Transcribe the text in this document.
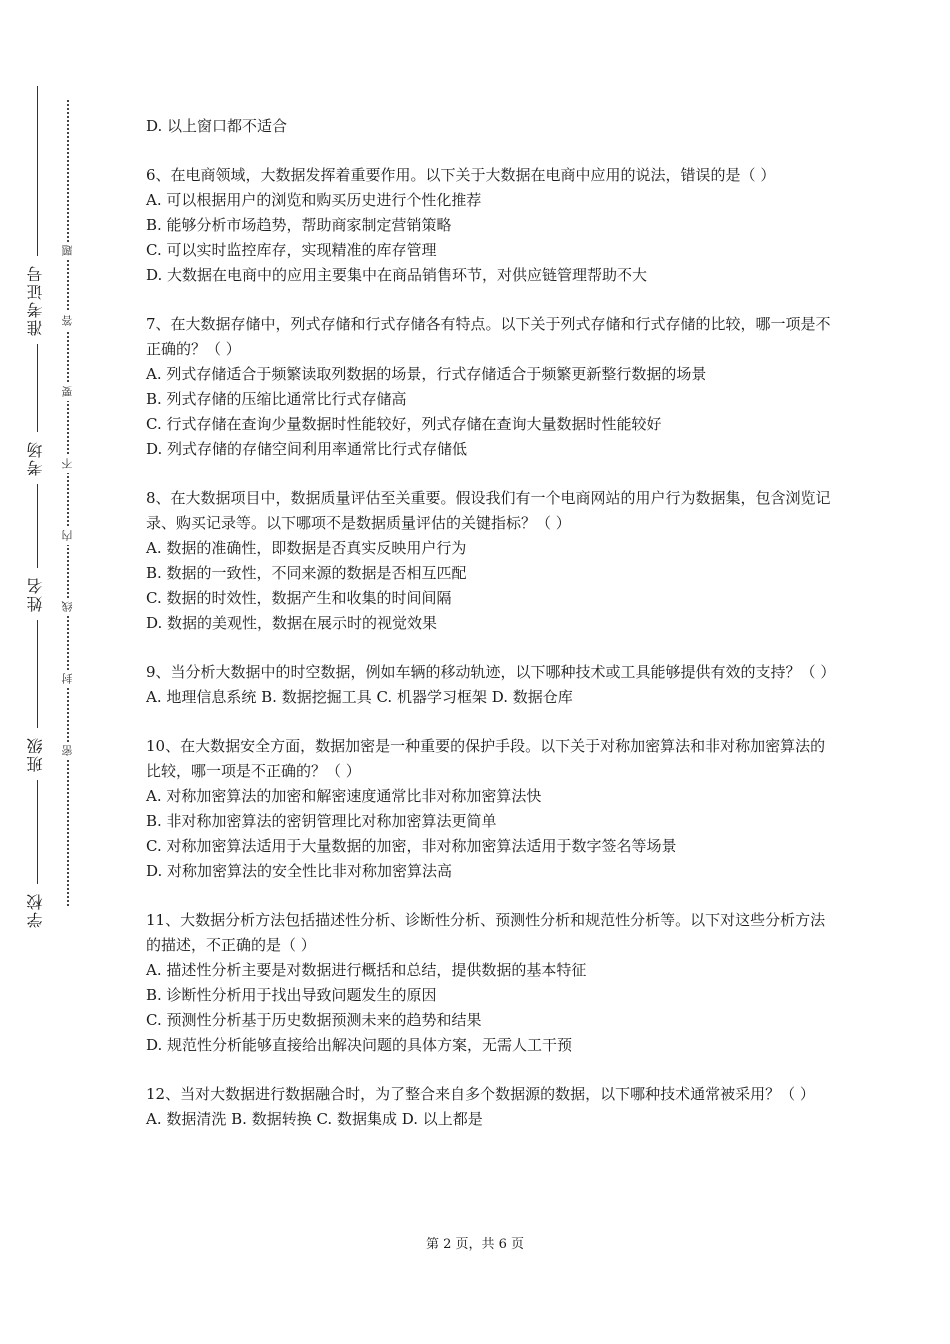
准考证号
考场
姓名
班级
学校
题
答
要
不
内
线
封
密

D. 以上窗口都不适合

6、在电商领域，大数据发挥着重要作用。以下关于大数据在电商中应用的说法，错误的是（ ）

A. 可以根据用户的浏览和购买历史进行个性化推荐

B. 能够分析市场趋势，帮助商家制定营销策略

C. 可以实时监控库存，实现精准的库存管理

D. 大数据在电商中的应用主要集中在商品销售环节，对供应链管理帮助不大

7、在大数据存储中，列式存储和行式存储各有特点。以下关于列式存储和行式存储的比较，哪一项是不正确的？（ ）

A. 列式存储适合于频繁读取列数据的场景，行式存储适合于频繁更新整行数据的场景

B. 列式存储的压缩比通常比行式存储高

C. 行式存储在查询少量数据时性能较好，列式存储在查询大量数据时性能较好

D. 列式存储的存储空间利用率通常比行式存储低

8、在大数据项目中，数据质量评估至关重要。假设我们有一个电商网站的用户行为数据集，包含浏览记录、购买记录等。以下哪项不是数据质量评估的关键指标？（ ）

A. 数据的准确性，即数据是否真实反映用户行为

B. 数据的一致性，不同来源的数据是否相互匹配

C. 数据的时效性，数据产生和收集的时间间隔

D. 数据的美观性，数据在展示时的视觉效果

9、当分析大数据中的时空数据，例如车辆的移动轨迹，以下哪种技术或工具能够提供有效的支持？（ ）

A. 地理信息系统 B. 数据挖掘工具 C. 机器学习框架 D. 数据仓库

10、在大数据安全方面，数据加密是一种重要的保护手段。以下关于对称加密算法和非对称加密算法的比较，哪一项是不正确的？（ ）

A. 对称加密算法的加密和解密速度通常比非对称加密算法快

B. 非对称加密算法的密钥管理比对称加密算法更简单

C. 对称加密算法适用于大量数据的加密，非对称加密算法适用于数字签名等场景

D. 对称加密算法的安全性比非对称加密算法高

11、大数据分析方法包括描述性分析、诊断性分析、预测性分析和规范性分析等。以下对这些分析方法的描述，不正确的是（ ）

A. 描述性分析主要是对数据进行概括和总结，提供数据的基本特征

B. 诊断性分析用于找出导致问题发生的原因

C. 预测性分析基于历史数据预测未来的趋势和结果

D. 规范性分析能够直接给出解决问题的具体方案，无需人工干预

12、当对大数据进行数据融合时，为了整合来自多个数据源的数据，以下哪种技术通常被采用？（ ）

A. 数据清洗 B. 数据转换 C. 数据集成 D. 以上都是

第 2 页，共 6 页
